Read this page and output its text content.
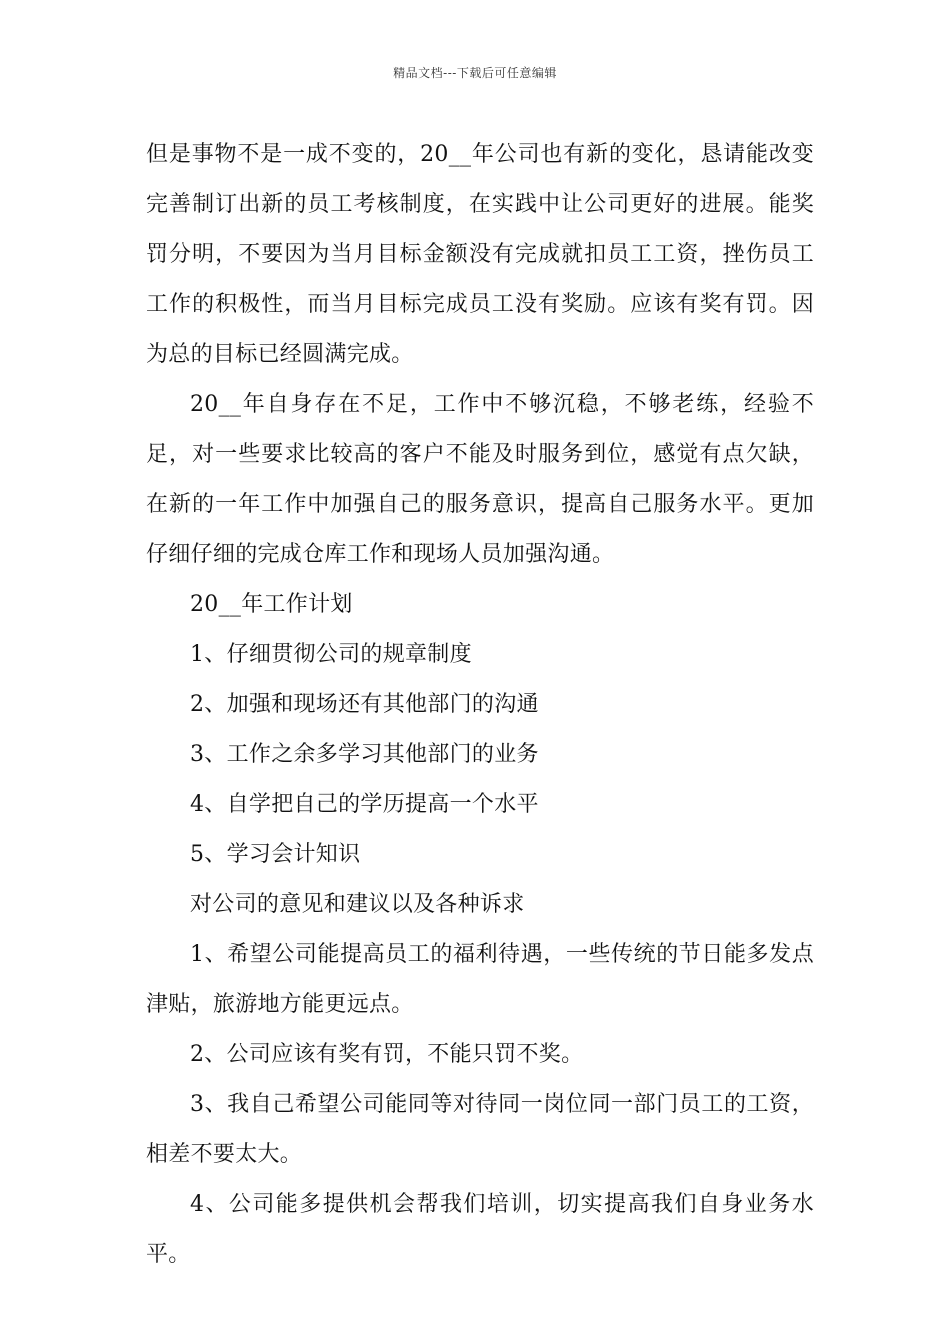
精品文档---下载后可任意编辑

但是事物不是一成不变的，20__年公司也有新的变化，恳请能改变完善制订出新的员工考核制度，在实践中让公司更好的进展。能奖罚分明，不要因为当月目标金额没有完成就扣员工工资，挫伤员工工作的积极性，而当月目标完成员工没有奖励。应该有奖有罚。因为总的目标已经圆满完成。

20__年自身存在不足，工作中不够沉稳，不够老练，经验不足，对一些要求比较高的客户不能及时服务到位，感觉有点欠缺，在新的一年工作中加强自己的服务意识，提高自己服务水平。更加仔细仔细的完成仓库工作和现场人员加强沟通。

20__年工作计划

1、仔细贯彻公司的规章制度

2、加强和现场还有其他部门的沟通

3、工作之余多学习其他部门的业务

4、自学把自己的学历提高一个水平

5、学习会计知识

对公司的意见和建议以及各种诉求

1、希望公司能提高员工的福利待遇，一些传统的节日能多发点津贴，旅游地方能更远点。

2、公司应该有奖有罚，不能只罚不奖。

3、我自己希望公司能同等对待同一岗位同一部门员工的工资，相差不要太大。

4、公司能多提供机会帮我们培训，切实提高我们自身业务水平。
